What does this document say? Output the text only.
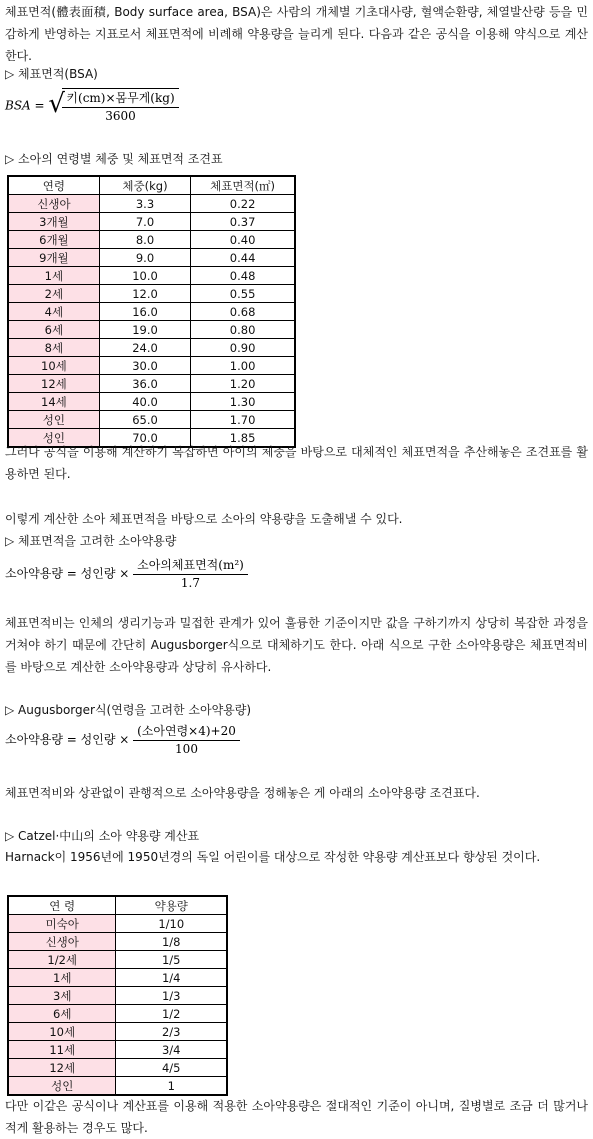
체표면적(體表面積, Body surface area, BSA)은 사람의 개체별 기초대사량, 혈액순환량, 체열발산량 등을 민감하게 반영하는 지표로서 체표면적에 비례해 약용량을 늘리게 된다. 다음과 같은 공식을 이용해 약식으로 계산한다.

▷ 체표면적(BSA)
BSA = √
$\frac{\text{키(cm)×몸무게(kg)}}{3600}$
▷ 소아의 연령별 체중 및 체표면적 조견표
연령	체중(kg)	체표면적(㎡)
신생아	3.3	0.22
3개월	7.0	0.37
6개월	8.0	0.40
9개월	9.0	0.44
1세	10.0	0.48
2세	12.0	0.55
4세	16.0	0.68
6세	19.0	0.80
8세	24.0	0.90
10세	30.0	1.00
12세	36.0	1.20
14세	40.0	1.30
성인	65.0	1.70
성인	70.0	1.85

그러나 공식을 이용해 계산하기 복잡하면 아이의 체중을 바탕으로 대체적인 체표면적을 추산해놓은 조견표를 활용하면 된다.

이렇게 계산한 소아 체표면적을 바탕으로 소아의 약용량을 도출해낼 수 있다.
▷ 체표면적을 고려한 소아약용량
소아약용량 = 성인량 × $\frac{\text{소아의체표면적(m²)}}{1.7}$

체표면적비는 인체의 생리기능과 밀접한 관계가 있어 훌륭한 기준이지만 값을 구하기까지 상당히 복잡한 과정을 거쳐야 하기 때문에 간단히 Augusborger식으로 대체하기도 한다. 아래 식으로 구한 소아약용량은 체표면적비를 바탕으로 계산한 소아약용량과 상당히 유사하다.

▷ Augusborger식(연령을 고려한 소아약용량)
소아약용량 = 성인량 × $\frac{\text{(소아연령×4)+20}}{100}$
체표면적비와 상관없이 관행적으로 소아약용량을 정해놓은 게 아래의 소아약용량 조견표다.
▷ Catzel·中山의 소아 약용량 계산표

Harnack이 1956년에 1950년경의 독일 어린이를 대상으로 작성한 약용량 계산표보다 향상된 것이다.

연 령	약용량
미숙아	1/10
신생아	1/8
1/2세	1/5
1세	1/4
3세	1/3
6세	1/2
10세	2/3
11세	3/4
12세	4/5
성인	1

다만 이같은 공식이나 계산표를 이용해 적용한 소아약용량은 절대적인 기준이 아니며, 질병별로 조금 더 많거나 적게 활용하는 경우도 많다.
